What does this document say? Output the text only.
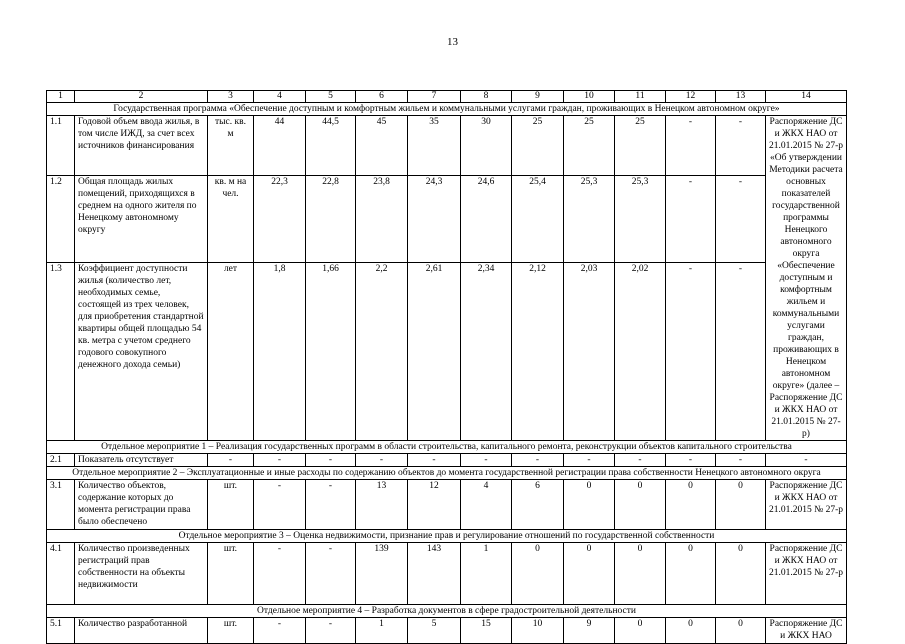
13
1	2	3	4	5	6	7	8	9	10	11	12	13	14
Государственная программа «Обеспечение доступным и комфортным жильем и коммунальными услугами граждан, проживающих в Ненецком автономном округе»													
1.1	Годовой объем ввода жилья, в том числе ИЖД, за счет всех источников финансирования	тыс. кв. м	44	44,5	45	35	30	25	25	25	-	-	Распоряжение ДС и ЖКХ НАО от 21.01.2015 № 27-р «Об утверждении Методики расчета основных показателей государственной программы Ненецкого автономного округа «Обеспечение доступным и комфортным жильем и коммунальными услугами граждан, проживающих в Ненецком автономном округе» (далее – Распоряжение ДС и ЖКХ НАО от 21.01.2015 № 27-р)
1.2	Общая площадь жилых помещений, приходящихся в среднем на одного жителя по Ненецкому автономному округу	кв. м на чел.	22,3	22,8	23,8	24,3	24,6	25,4	25,3	25,3	-	-	
1.3	Коэффициент доступности жилья (количество лет, необходимых семье, состоящей из трех человек, для приобретения стандартной квартиры общей площадью 54 кв. метра с учетом среднего годового совокупного денежного дохода семьи)	лет	1,8	1,66	2,2	2,61	2,34	2,12	2,03	2,02	-	-	
Отдельное мероприятие 1 – Реализация государственных программ в области строительства, капитального ремонта, реконструкции объектов капитального строительства													
2.1	Показатель отсутствует	-	-	-	-	-	-	-	-	-	-	-	-
Отдельное мероприятие 2 – Эксплуатационные и иные расходы по содержанию объектов до момента государственной регистрации права собственности Ненецкого автономного округа													
3.1	Количество объектов, содержание которых до момента регистрации права было обеспечено	шт.	-	-	13	12	4	6	0	0	0	0	Распоряжение ДС и ЖКХ НАО от 21.01.2015 № 27-р
Отдельное мероприятие 3 – Оценка недвижимости, признание прав и регулирование отношений по государственной собственности													
4.1	Количество произведенных регистраций прав собственности на объекты недвижимости	шт.	-	-	139	143	1	0	0	0	0	0	Распоряжение ДС и ЖКХ НАО от 21.01.2015 № 27-р
Отдельное мероприятие 4 – Разработка документов в сфере градостроительной деятельности													
5.1	Количество разработанной	шт.	-	-	1	5	15	10	9	0	0	0	Распоряжение ДС и ЖКХ НАО
